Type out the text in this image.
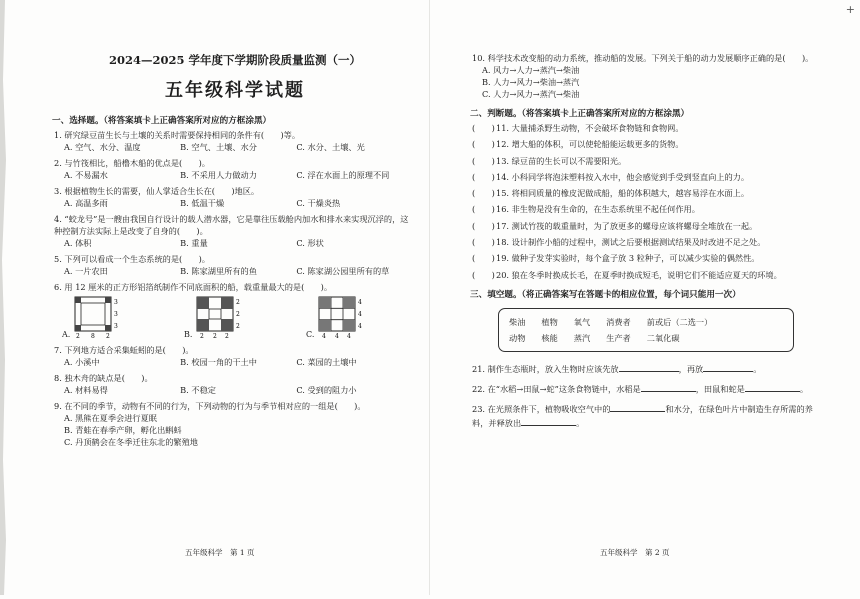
+
2024—2025 学年度下学期阶段质量监测（一）
五年级科学试题
一、选择题。（将答案填卡上正确答案所对应的方框涂黑）

1. 研究绿豆苗生长与土壤的关系时需要保持相同的条件有(　　)等。

A. 空气、水分、温度	B. 空气、土壤、水分	C. 水分、土壤、光

2. 与竹筏相比，船橹木船的优点是(　　)。

A. 不易漏水	B. 不采用人力做动力	C. 浮在水面上的原理不同

3. 根据植物生长的需要，仙人掌适合生长在(　　)地区。

A. 高温多雨	B. 低温干燥	C. 干燥炎热

4. “蛟龙号”是一艘由我国自行设计的载人潜水器，它是靠往压载舱内加水和排水来实现沉浮的，这种控制方法实际上是改变了自身的(　　)。

A. 体积	B. 重量	C. 形状

5. 下列可以看成一个生态系统的是(　　)。

A. 一片农田	B. 陈家湖里所有的鱼	C. 陈家湖公园里所有的草

6. 用 12 厘米的正方形铝箔纸制作不同底面积的船，载重量最大的是(　　)。

A.
3
3
3
2 8 2	B.
2
2
2
2 2 2	C.
4
4
4
4 4 4

7. 下列地方适合采集蚯蚓的是(　　)。

A. 小溪中	B. 校园一角的干土中	C. 菜园的土壤中

8. 独木舟的缺点是(　　)。

A. 材料易得	B. 不稳定	C. 受到的阻力小

9. 在不同的季节，动物有不同的行为，下列动物的行为与季节相对应的一组是(　　)。

A. 黑熊在夏季会进行夏眠
B. 青蛙在春季产卵，孵化出蝌蚪
C. 丹顶鹤会在冬季迁往东北的繁殖地
五年级科学　第 1 页

10. 科学技术改变船的动力系统，推动船的发展。下列关于船的动力发展顺序正确的是(　　)。

A. 风力→人力→蒸汽→柴油
B. 人力→风力→柴油→蒸汽
C. 人力→风力→蒸汽→柴油
二、判断题。（将答案填卡上正确答案所对应的方框涂黑）
(　　) 11. 大量捕杀野生动物，不会破坏食物链和食物网。
(　　) 12. 增大船的体积，可以使轮船能运载更多的货物。
(　　) 13. 绿豆苗的生长可以不需要阳光。
(　　) 14. 小科同学将泡沫塑料按入水中，他会感觉到手受到竖直向上的力。
(　　) 15. 将相同质量的橡皮泥做成船，船的体积越大，越容易浮在水面上。
(　　) 16. 非生物是没有生命的，在生态系统里不起任何作用。
(　　) 17. 测试竹筏的载重量时，为了放更多的螺母应该将螺母全堆放在一起。
(　　) 18. 设计制作小船的过程中，测试之后要根据测试结果及时改进不足之处。
(　　) 19. 做种子发芽实验时，每个盒子放 3 粒种子，可以减少实验的偶然性。
(　　) 20. 狼在冬季时换成长毛，在夏季时换成短毛，说明它们不能适应夏天的环境。
三、填空题。（将正确答案写在答题卡的相应位置，每个词只能用一次）
柴油 植物 氧气 消费者 前或后（二选一）
动物 核能 蒸汽 生产者 二氧化碳

21. 制作生态瓶时，放入生物时应该先放	，再放	。

22. 在“水稻→田鼠→蛇”这条食物链中，水稻是	，田鼠和蛇是	。

23. 在光照条件下，植物吸收空气中的	和水分，在绿色叶片中制造生存所需的养料，并释放出	。

五年级科学　第 2 页
